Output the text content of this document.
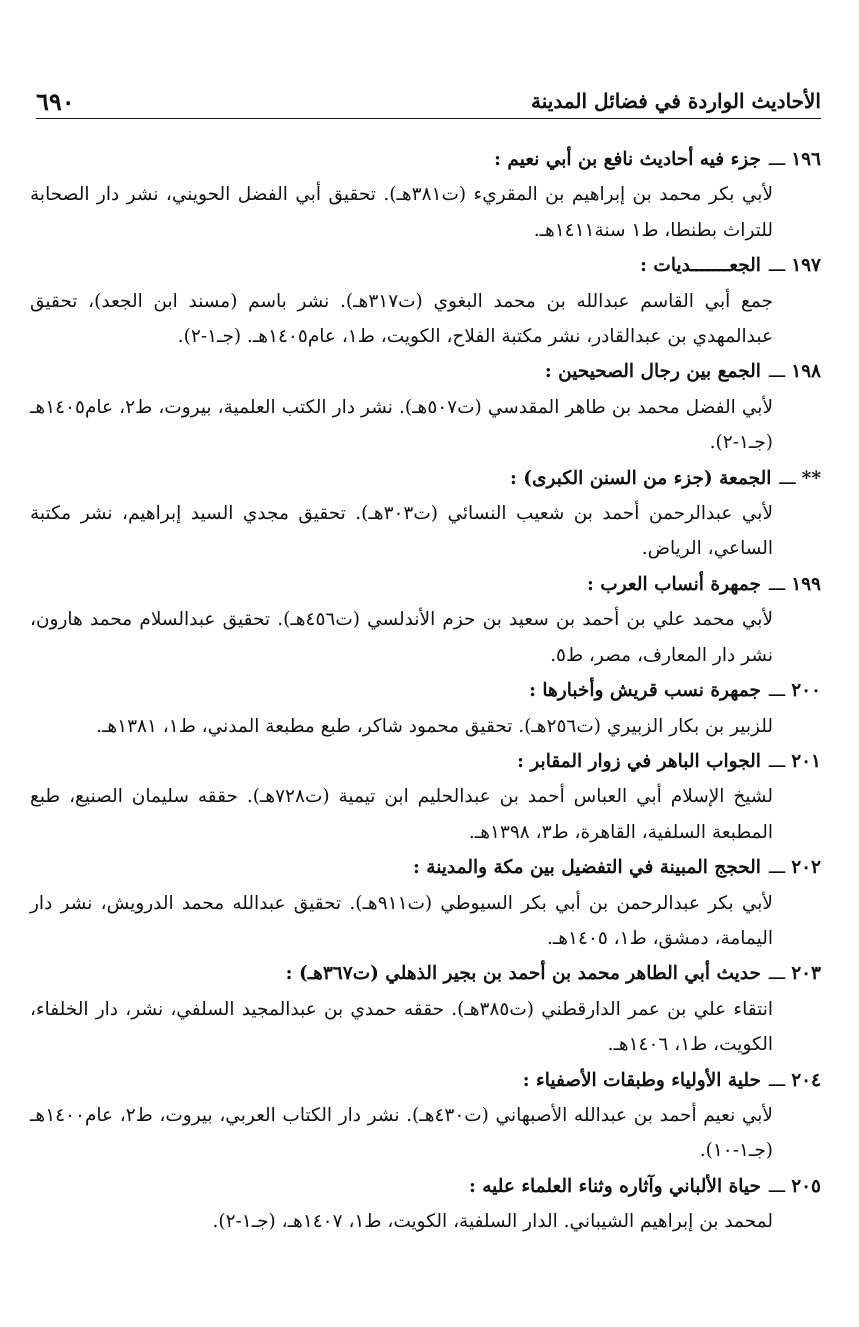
الأحاديث الواردة في فضائل المدينة
٦٩٠
١٩٦
ـــ
جزء فيه أحاديث نافع بن أبي نعيم :
لأبي بكر محمد بن إبراهيم بن المقريء (ت٣٨١هـ). تحقيق أبي الفضل الحويني، نشر دار الصحابة للتراث بطنطا، ط١ سنة١٤١١هـ.
١٩٧
ـــ
الجعـــــــديات :
جمع أبي القاسم عبدالله بن محمد البغوي (ت٣١٧هـ). نشر باسم (مسند ابن الجعد)، تحقيق عبدالمهدي بن عبدالقادر، نشر مكتبة الفلاح، الكويت، ط١، عام١٤٠٥هـ. (جـ١-٢).
١٩٨
ـــ
الجمع بين رجال الصحيحين :
لأبي الفضل محمد بن طاهر المقدسي (ت٥٠٧هـ). نشر دار الكتب العلمية، بيروت، ط٢، عام١٤٠٥هـ (جـ١-٢).
**
ـــ
الجمعة (جزء من السنن الكبرى) :
لأبي عبدالرحمن أحمد بن شعيب النسائي (ت٣٠٣هـ). تحقيق مجدي السيد إبراهيم، نشر مكتبة الساعي، الرياض.
١٩٩
ـــ
جمهرة أنساب العرب :
لأبي محمد علي بن أحمد بن سعيد بن حزم الأندلسي (ت٤٥٦هـ). تحقيق عبدالسلام محمد هارون، نشر دار المعارف، مصر، ط٥.
٢٠٠
ـــ
جمهرة نسب قريش وأخبارها :
للزبير بن بكار الزبيري (ت٢٥٦هـ). تحقيق محمود شاكر، طبع مطبعة المدني، ط١، ١٣٨١هـ.
٢٠١
ـــ
الجواب الباهر في زوار المقابر :
لشيخ الإسلام أبي العباس أحمد بن عبدالحليم ابن تيمية (ت٧٢٨هـ). حققه سليمان الصنيع، طبع المطبعة السلفية، القاهرة، ط٣، ١٣٩٨هـ.
٢٠٢
ـــ
الحجج المبينة في التفضيل بين مكة والمدينة :
لأبي بكر عبدالرحمن بن أبي بكر السيوطي (ت٩١١هـ). تحقيق عبدالله محمد الدرويش، نشر دار اليمامة، دمشق، ط١، ١٤٠٥هـ.
٢٠٣
ـــ
حديث أبي الطاهر محمد بن أحمد بن بجير الذهلي (ت٣٦٧هـ) :
انتقاء علي بن عمر الدارقطني (ت٣٨٥هـ). حققه حمدي بن عبدالمجيد السلفي، نشر، دار الخلفاء، الكويت، ط١، ١٤٠٦هـ.
٢٠٤
ـــ
حلية الأولياء وطبقات الأصفياء :
لأبي نعيم أحمد بن عبدالله الأصبهاني (ت٤٣٠هـ). نشر دار الكتاب العربي، بيروت، ط٢، عام١٤٠٠هـ (جـ١-١٠).
٢٠٥
ـــ
حياة الألباني وآثاره وثناء العلماء عليه :
لمحمد بن إبراهيم الشيباني. الدار السلفية، الكويت، ط١، ١٤٠٧هـ، (جـ١-٢).
